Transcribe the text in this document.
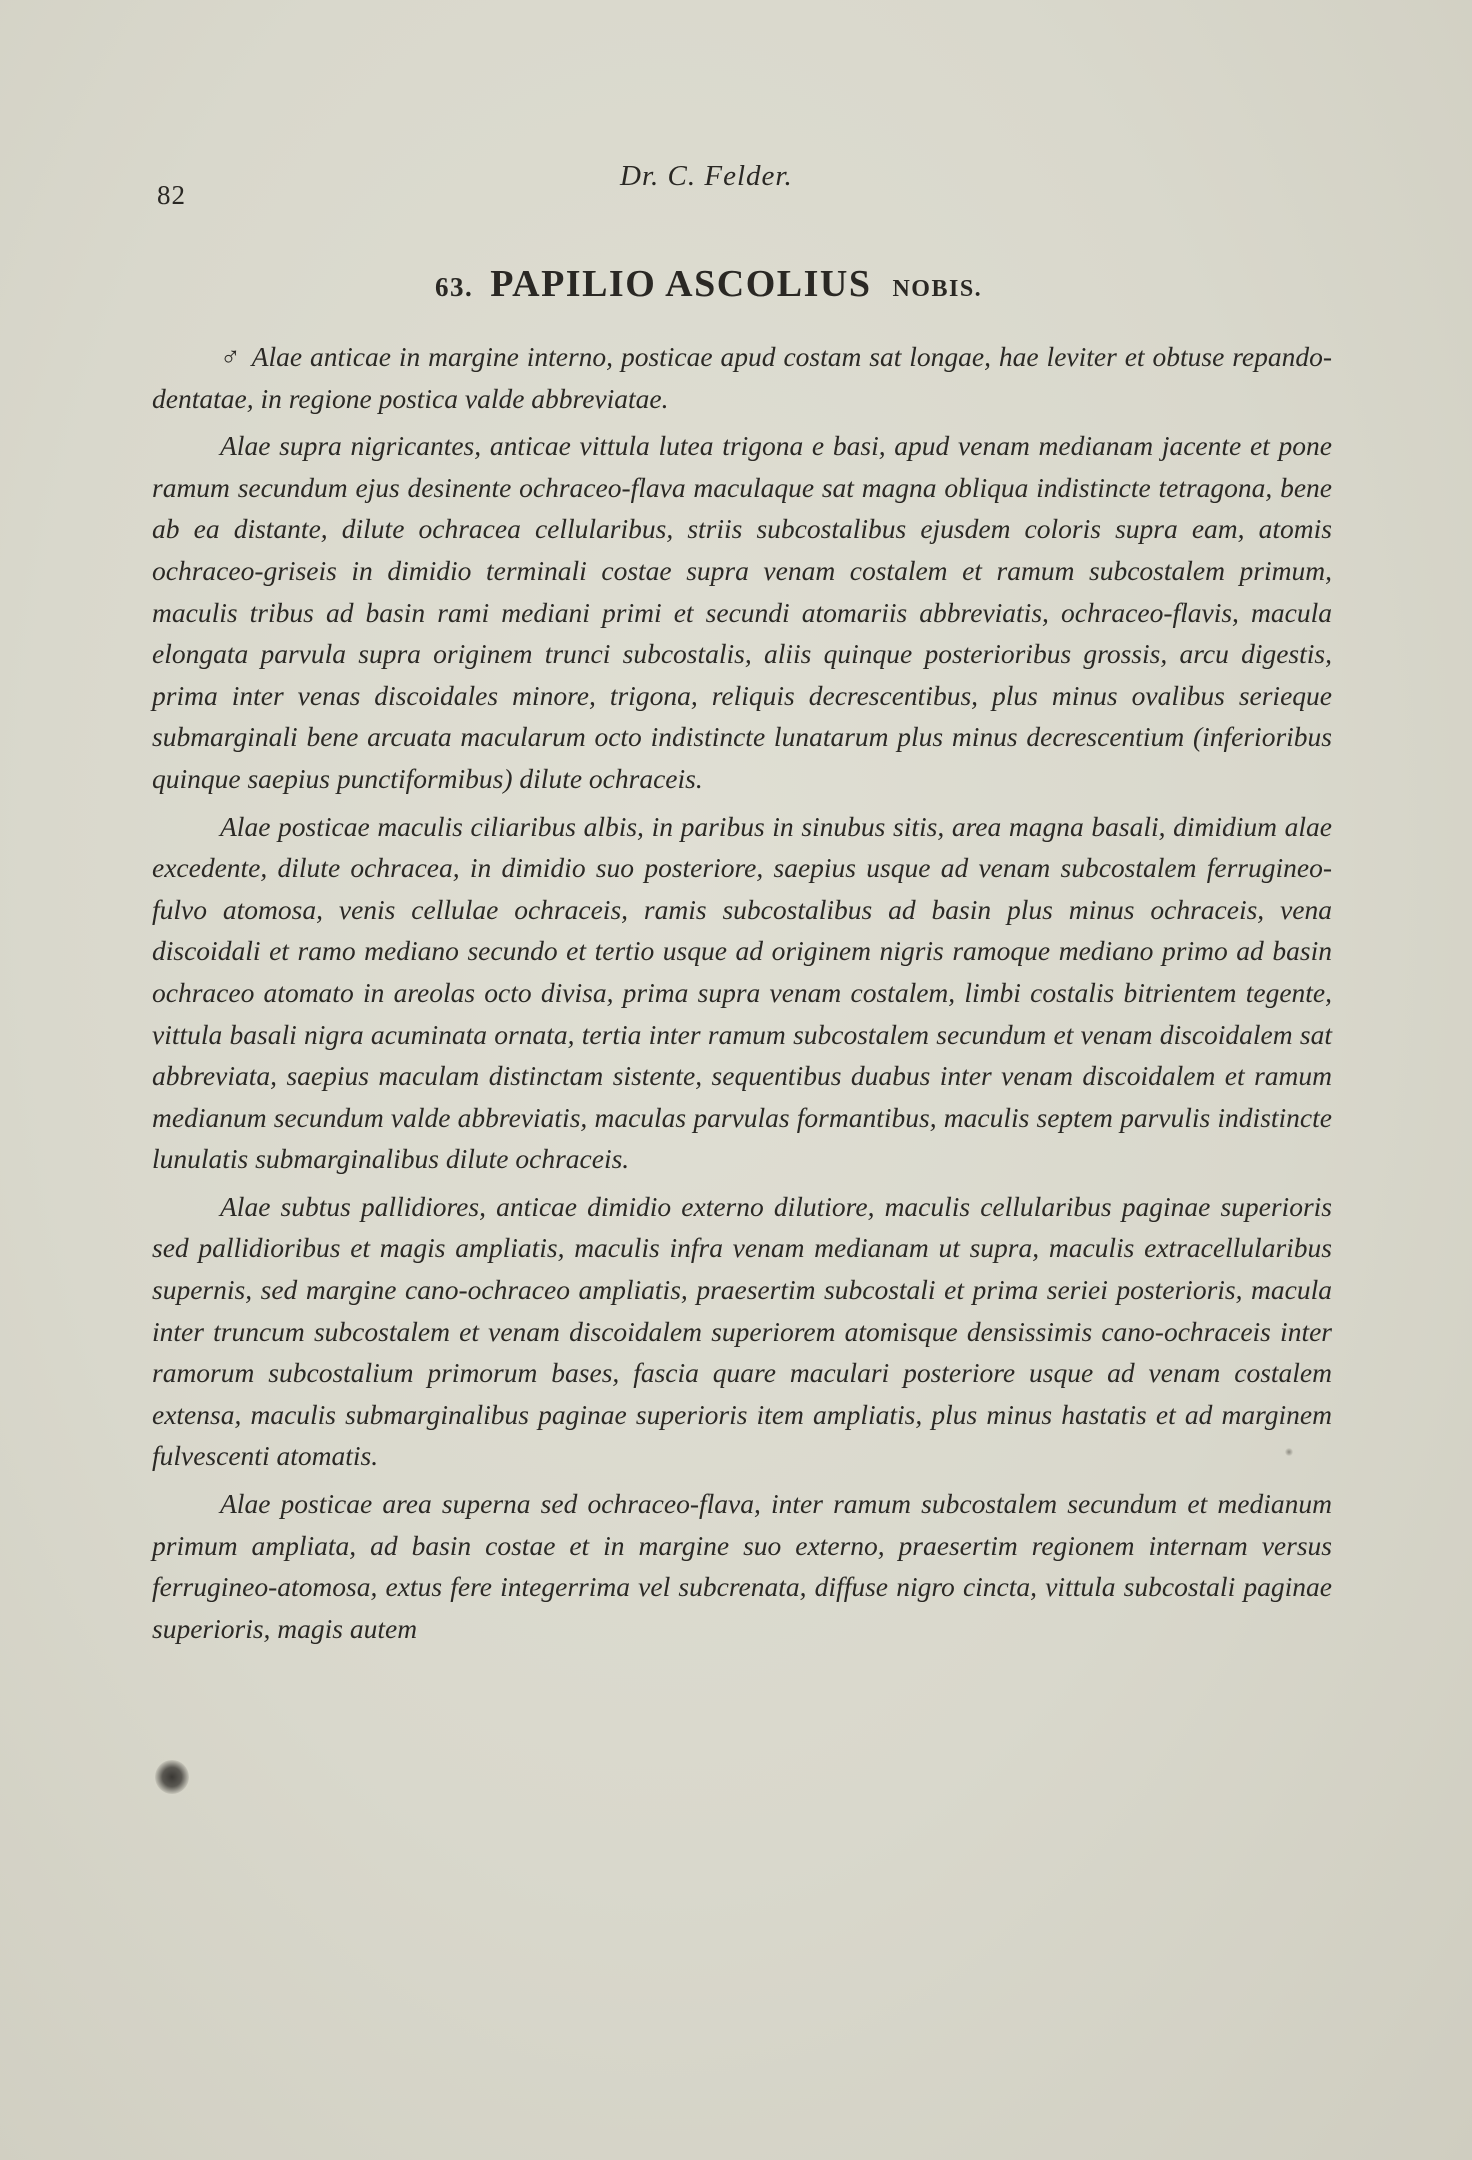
82
Dr. C. Felder.
63. PAPILIO ASCOLIUS NOBIS.

♂ Alae anticae in margine interno, posticae apud costam sat longae, hae leviter et obtuse repando-dentatae, in regione postica valde abbreviatae.

Alae supra nigricantes, anticae vittula lutea trigona e basi, apud venam medianam jacente et pone ramum secundum ejus desinente ochraceo-flava maculaque sat magna obliqua indistincte tetragona, bene ab ea distante, dilute ochracea cellularibus, striis subcostalibus ejusdem coloris supra eam, atomis ochraceo-griseis in dimidio terminali costae supra venam costalem et ramum subcostalem primum, maculis tribus ad basin rami mediani primi et secundi atomariis abbreviatis, ochraceo-flavis, macula elongata parvula supra originem trunci subcostalis, aliis quinque posterioribus grossis, arcu digestis, prima inter venas discoidales minore, trigona, reliquis decrescentibus, plus minus ovalibus serieque submarginali bene arcuata macularum octo indistincte lunatarum plus minus decrescentium (inferioribus quinque saepius punctiformibus) dilute ochraceis.

Alae posticae maculis ciliaribus albis, in paribus in sinubus sitis, area magna basali, dimidium alae excedente, dilute ochracea, in dimidio suo posteriore, saepius usque ad venam subcostalem ferrugineo-fulvo atomosa, venis cellulae ochraceis, ramis subcostalibus ad basin plus minus ochraceis, vena discoidali et ramo mediano secundo et tertio usque ad originem nigris ramoque mediano primo ad basin ochraceo atomato in areolas octo divisa, prima supra venam costalem, limbi costalis bitrientem tegente, vittula basali nigra acuminata ornata, tertia inter ramum subcostalem secundum et venam discoidalem sat abbreviata, saepius maculam distinctam sistente, sequentibus duabus inter venam discoidalem et ramum medianum secundum valde abbreviatis, maculas parvulas formantibus, maculis septem parvulis indistincte lunulatis submarginalibus dilute ochraceis.

Alae subtus pallidiores, anticae dimidio externo dilutiore, maculis cellularibus paginae superioris sed pallidioribus et magis ampliatis, maculis infra venam medianam ut supra, maculis extracellularibus supernis, sed margine cano-ochraceo ampliatis, praesertim subcostali et prima seriei posterioris, macula inter truncum subcostalem et venam discoidalem superiorem atomisque densissimis cano-ochraceis inter ramorum subcostalium primorum bases, fascia quare maculari posteriore usque ad venam costalem extensa, maculis submarginalibus paginae superioris item ampliatis, plus minus hastatis et ad marginem fulvescenti atomatis.

Alae posticae area superna sed ochraceo-flava, inter ramum subcostalem secundum et medianum primum ampliata, ad basin costae et in margine suo externo, praesertim regionem internam versus ferrugineo-atomosa, extus fere integerrima vel subcrenata, diffuse nigro cincta, vittula subcostali paginae superioris, magis autem
